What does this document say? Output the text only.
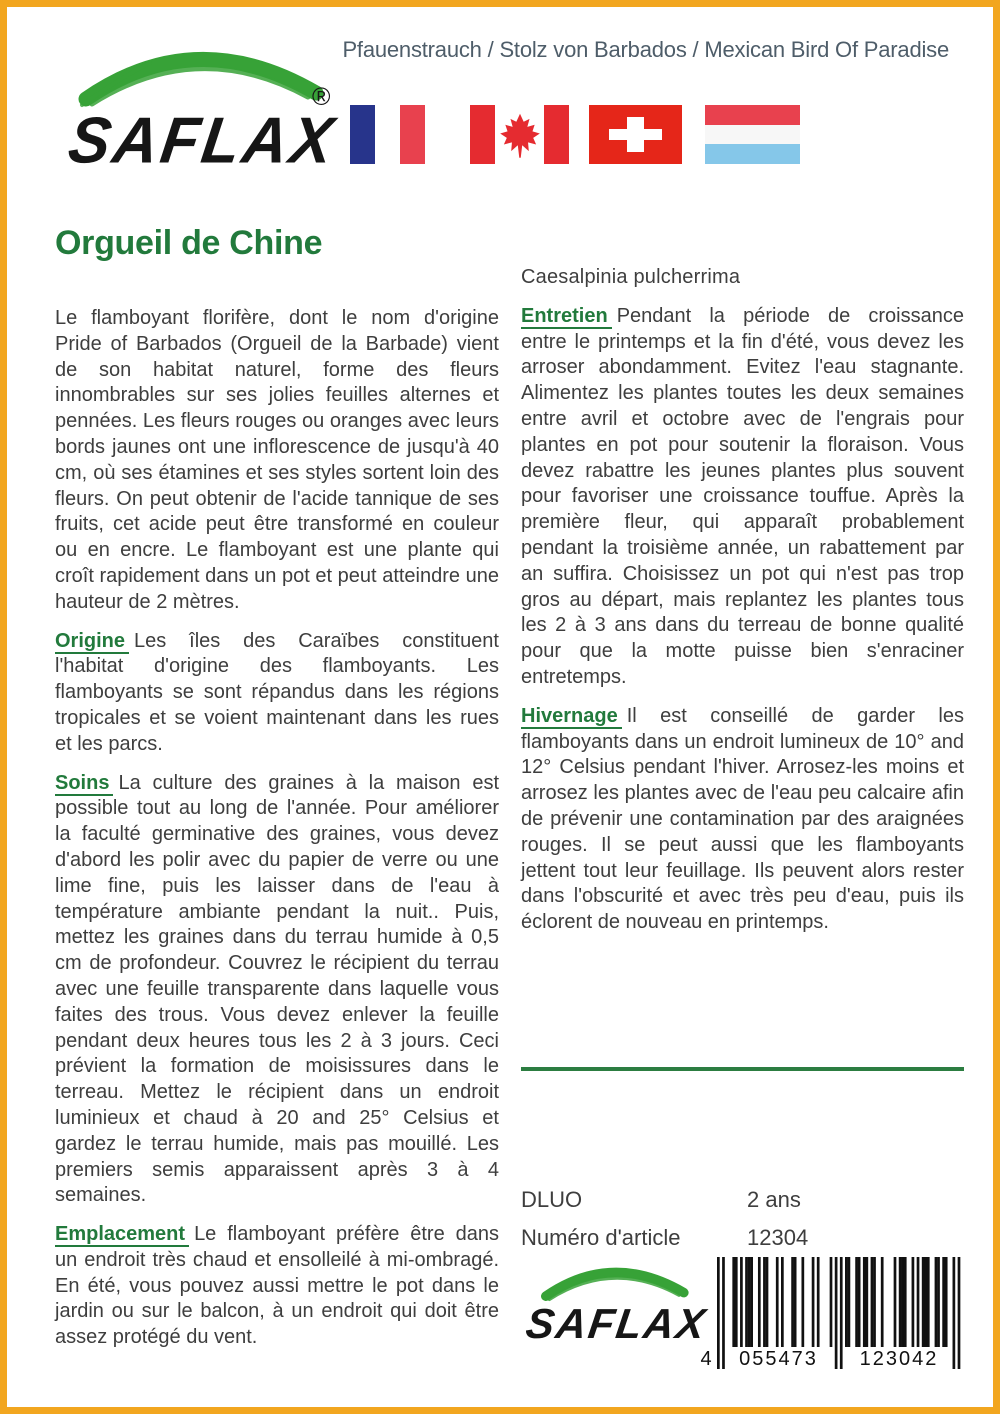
Pfauenstrauch / Stolz von Barbados / Mexican Bird Of Paradise
SAFLAX
®
Orgueil de Chine

Le flamboyant florifère, dont le nom d'origine Pride of Barbados (Orgueil de la Barbade) vient de son habitat naturel, forme des fleurs innombrables sur ses jolies feuilles alternes et pennées. Les fleurs rouges ou oranges avec leurs bords jaunes ont une inflorescence de jusqu'à 40 cm, où ses étamines et ses styles sortent loin des fleurs. On peut obtenir de l'acide tannique de ses fruits, cet acide peut être transformé en couleur ou en encre. Le flamboyant est une plante qui croît rapidement dans un pot et peut atteindre une hauteur de 2 mètres.

Origine Les îles des Caraïbes constituent l'habitat d'origine des flamboyants. Les flamboyants se sont répandus dans les régions tropicales et se voient maintenant dans les rues et les parcs.

Soins La culture des graines à la maison est possible tout au long de l'année. Pour améliorer la faculté germinative des graines, vous devez d'abord les polir avec du papier de verre ou une lime fine, puis les laisser dans de l'eau à température ambiante pendant la nuit.. Puis, mettez les graines dans du terrau humide à 0,5 cm de profondeur. Couvrez le récipient du terrau avec une feuille transparente dans laquelle vous faites des trous. Vous devez enlever la feuille pendant deux heures tous les 2 à 3 jours. Ceci prévient la formation de moisissures dans le terreau. Mettez le récipient dans un endroit luminieux et chaud à 20 and 25° Celsius et gardez le terrau humide, mais pas mouillé. Les premiers semis apparaissent après 3 à 4 semaines.

Emplacement Le flamboyant préfère être dans un endroit très chaud et ensolleilé à mi-ombragé. En été, vous pouvez aussi mettre le pot dans le jardin ou sur le balcon, à un endroit qui doit être assez protégé du vent.

Caesalpinia pulcherrima

Entretien Pendant la période de croissance entre le printemps et la fin d'été, vous devez les arroser abondamment. Evitez l'eau stagnante. Alimentez les plantes toutes les deux semaines entre avril et octobre avec de l'engrais pour plantes en pot pour soutenir la floraison. Vous devez rabattre les jeunes plantes plus souvent pour favoriser une croissance touffue. Après la première fleur, qui apparaît probablement pendant la troisième année, un rabattement par an suffira. Choisissez un pot qui n'est pas trop gros au départ, mais replantez les plantes tous les 2 à 3 ans dans du terreau de bonne qualité pour que la motte puisse bien s'enraciner entretemps.

Hivernage Il est conseillé de garder les flamboyants dans un endroit lumineux de 10° and 12° Celsius pendant l'hiver. Arrosez-les moins et arrosez les plantes avec de l'eau peu calcaire afin de prévenir une contamination par des araignées rouges. Il se peut aussi que les flamboyants jettent tout leur feuillage. Ils peuvent alors rester dans l'obscurité et avec très peu d'eau, puis ils éclorent de nouveau en printemps.

DLUO	2 ans
Numéro d'article	12304
SAFLAX
4	055473	123042
